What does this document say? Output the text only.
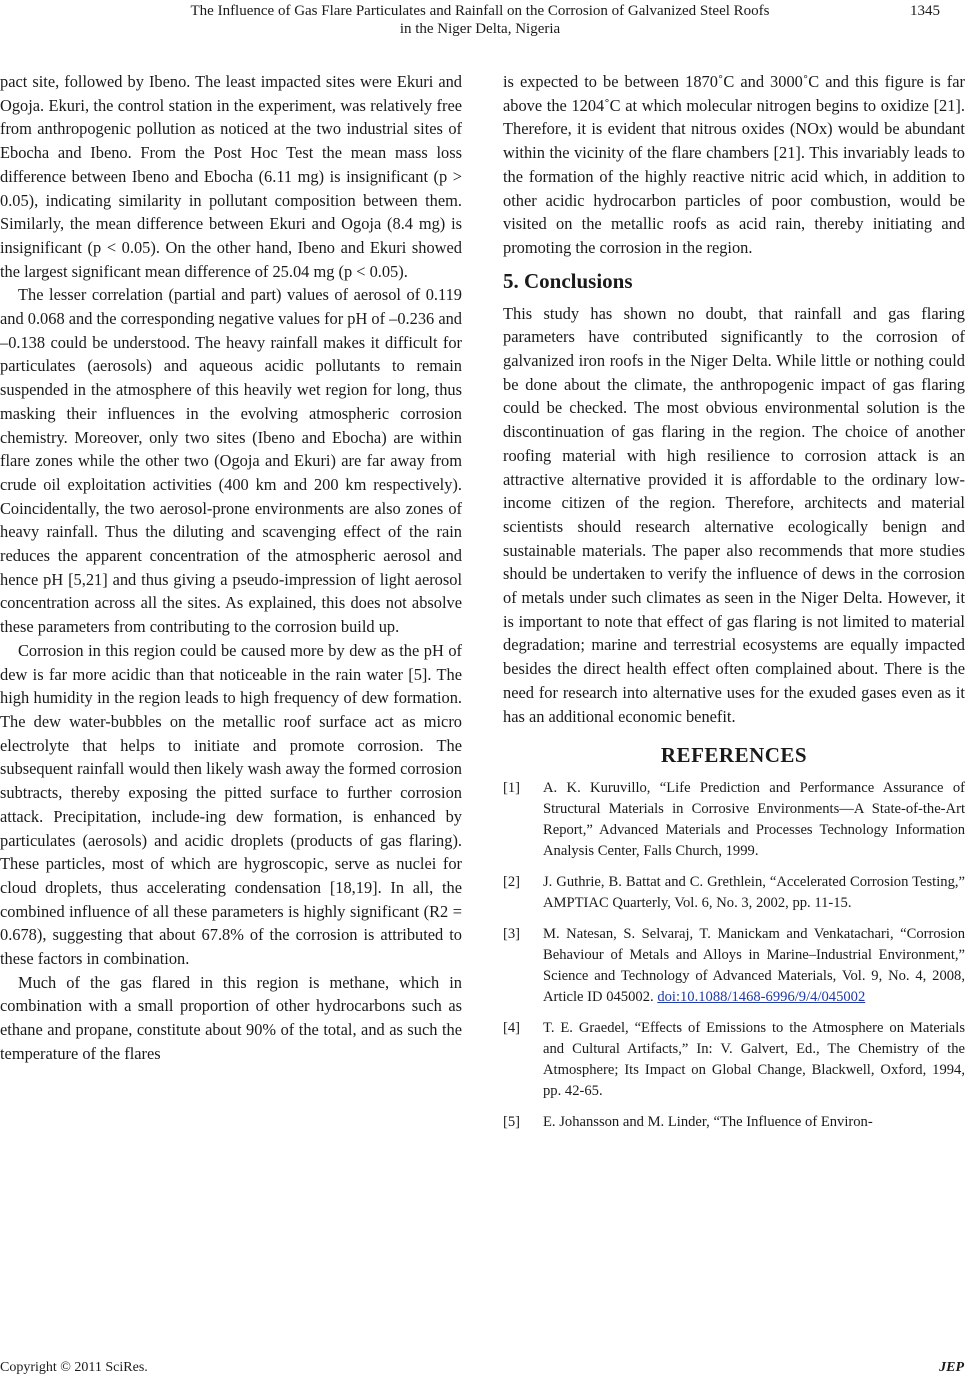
The Influence of Gas Flare Particulates and Rainfall on the Corrosion of Galvanized Steel Roofs
in the Niger Delta, Nigeria
1345

pact site, followed by Ibeno. The least impacted sites were Ekuri and Ogoja. Ekuri, the control station in the experiment, was relatively free from anthropogenic pollution as noticed at the two industrial sites of Ebocha and Ibeno. From the Post Hoc Test the mean mass loss difference between Ibeno and Ebocha (6.11 mg) is insignificant (p > 0.05), indicating similarity in pollutant composition between them. Similarly, the mean difference between Ekuri and Ogoja (8.4 mg) is insignificant (p < 0.05). On the other hand, Ibeno and Ekuri showed the largest significant mean difference of 25.04 mg (p < 0.05).

The lesser correlation (partial and part) values of aerosol of 0.119 and 0.068 and the corresponding negative values for pH of –0.236 and –0.138 could be understood. The heavy rainfall makes it difficult for particulates (aerosols) and aqueous acidic pollutants to remain suspended in the atmosphere of this heavily wet region for long, thus masking their influences in the evolving atmospheric corrosion chemistry. Moreover, only two sites (Ibeno and Ebocha) are within flare zones while the other two (Ogoja and Ekuri) are far away from crude oil exploitation activities (400 km and 200 km respectively). Coincidentally, the two aerosol-prone environments are also zones of heavy rainfall. Thus the diluting and scavenging effect of the rain reduces the apparent concentration of the atmospheric aerosol and hence pH [5,21] and thus giving a pseudo-impression of light aerosol concentration across all the sites. As explained, this does not absolve these parameters from contributing to the corrosion build up.

Corrosion in this region could be caused more by dew as the pH of dew is far more acidic than that noticeable in the rain water [5]. The high humidity in the region leads to high frequency of dew formation. The dew water-bubbles on the metallic roof surface act as micro electrolyte that helps to initiate and promote corrosion. The subsequent rainfall would then likely wash away the formed corrosion subtracts, thereby exposing the pitted surface to further corrosion attack. Precipitation, include-ing dew formation, is enhanced by particulates (aerosols) and acidic droplets (products of gas flaring). These particles, most of which are hygroscopic, serve as nuclei for cloud droplets, thus accelerating condensation [18,19]. In all, the combined influence of all these parameters is highly significant (R2 = 0.678), suggesting that about 67.8% of the corrosion is attributed to these factors in combination.

Much of the gas flared in this region is methane, which in combination with a small proportion of other hydrocarbons such as ethane and propane, constitute about 90% of the total, and as such the temperature of the flares

is expected to be between 1870˚C and 3000˚C and this figure is far above the 1204˚C at which molecular nitrogen begins to oxidize [21]. Therefore, it is evident that nitrous oxides (NOx) would be abundant within the vicinity of the flare chambers [21]. This invariably leads to the formation of the highly reactive nitric acid which, in addition to other acidic hydrocarbon particles of poor combustion, would be visited on the metallic roofs as acid rain, thereby initiating and promoting the corrosion in the region.

5. Conclusions

This study has shown no doubt, that rainfall and gas flaring parameters have contributed significantly to the corrosion of galvanized iron roofs in the Niger Delta. While little or nothing could be done about the climate, the anthropogenic impact of gas flaring could be checked. The most obvious environmental solution is the discontinuation of gas flaring in the region. The choice of another roofing material with high resilience to corrosion attack is an attractive alternative provided it is affordable to the ordinary low-income citizen of the region. Therefore, architects and material scientists should research alternative ecologically benign and sustainable materials. The paper also recommends that more studies should be undertaken to verify the influence of dews in the corrosion of metals under such climates as seen in the Niger Delta. However, it is important to note that effect of gas flaring is not limited to material degradation; marine and terrestrial ecosystems are equally impacted besides the direct health effect often complained about. There is the need for research into alternative uses for the exuded gases even as it has an additional economic benefit.

REFERENCES
[1]	A. K. Kuruvillo, “Life Prediction and Performance Assurance of Structural Materials in Corrosive Environments—A State-of-the-Art Report,” Advanced Materials and Processes Technology Information Analysis Center, Falls Church, 1999.
[2]	J. Guthrie, B. Battat and C. Grethlein, “Accelerated Corrosion Testing,” AMPTIAC Quarterly, Vol. 6, No. 3, 2002, pp. 11-15.
[3]	M. Natesan, S. Selvaraj, T. Manickam and Venkatachari, “Corrosion Behaviour of Metals and Alloys in Marine–Industrial Environment,” Science and Technology of Advanced Materials, Vol. 9, No. 4, 2008, Article ID 045002. doi:10.1088/1468-6996/9/4/045002
[4]	T. E. Graedel, “Effects of Emissions to the Atmosphere on Materials and Cultural Artifacts,” In: V. Galvert, Ed., The Chemistry of the Atmosphere; Its Impact on Global Change, Blackwell, Oxford, 1994, pp. 42-65.
[5]	E. Johansson and M. Linder, “The Influence of Environ-
Copyright © 2011 SciRes.	JEP
